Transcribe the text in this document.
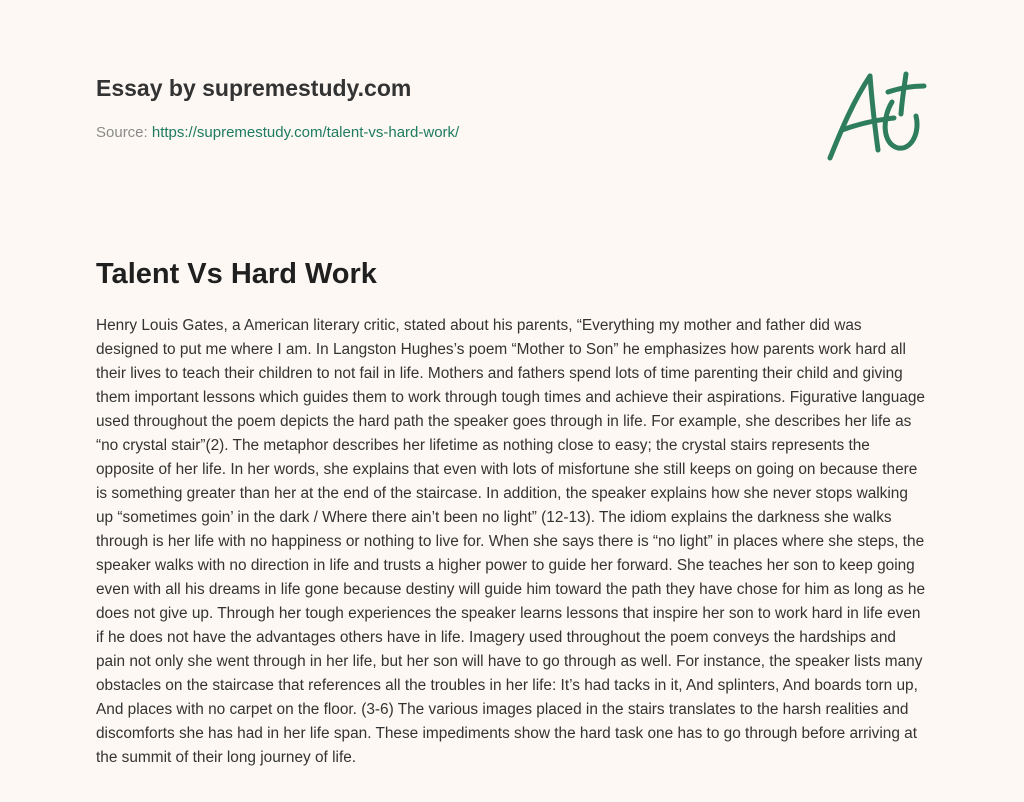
Essay by supremestudy.com
Source: https://supremestudy.com/talent-vs-hard-work/
Talent Vs Hard Work

Henry Louis Gates, a American literary critic, stated about his parents, “Everything my mother and father did was designed to put me where I am. In Langston Hughes’s poem “Mother to Son” he emphasizes how parents work hard all their lives to teach their children to not fail in life. Mothers and fathers spend lots of time parenting their child and giving them important lessons which guides them to work through tough times and achieve their aspirations. Figurative language used throughout the poem depicts the hard path the speaker goes through in life. For example, she describes her life as “no crystal stair”(2). The metaphor describes her lifetime as nothing close to easy; the crystal stairs represents the opposite of her life. In her words, she explains that even with lots of misfortune she still keeps on going on because there is something greater than her at the end of the staircase. In addition, the speaker explains how she never stops walking up “sometimes goin’ in the dark / Where there ain’t been no light” (12-13). The idiom explains the darkness she walks through is her life with no happiness or nothing to live for. When she says there is “no light” in places where she steps, the speaker walks with no direction in life and trusts a higher power to guide her forward. She teaches her son to keep going even with all his dreams in life gone because destiny will guide him toward the path they have chose for him as long as he does not give up. Through her tough experiences the speaker learns lessons that inspire her son to work hard in life even if he does not have the advantages others have in life. Imagery used throughout the poem conveys the hardships and pain not only she went through in her life, but her son will have to go through as well. For instance, the speaker lists many obstacles on the staircase that references all the troubles in her life: It’s had tacks in it, And splinters, And boards torn up, And places with no carpet on the floor. (3-6) The various images placed in the stairs translates to the harsh realities and discomforts she has had in her life span. These impediments show the hard task one has to go through before arriving at the summit of their long journey of life.
